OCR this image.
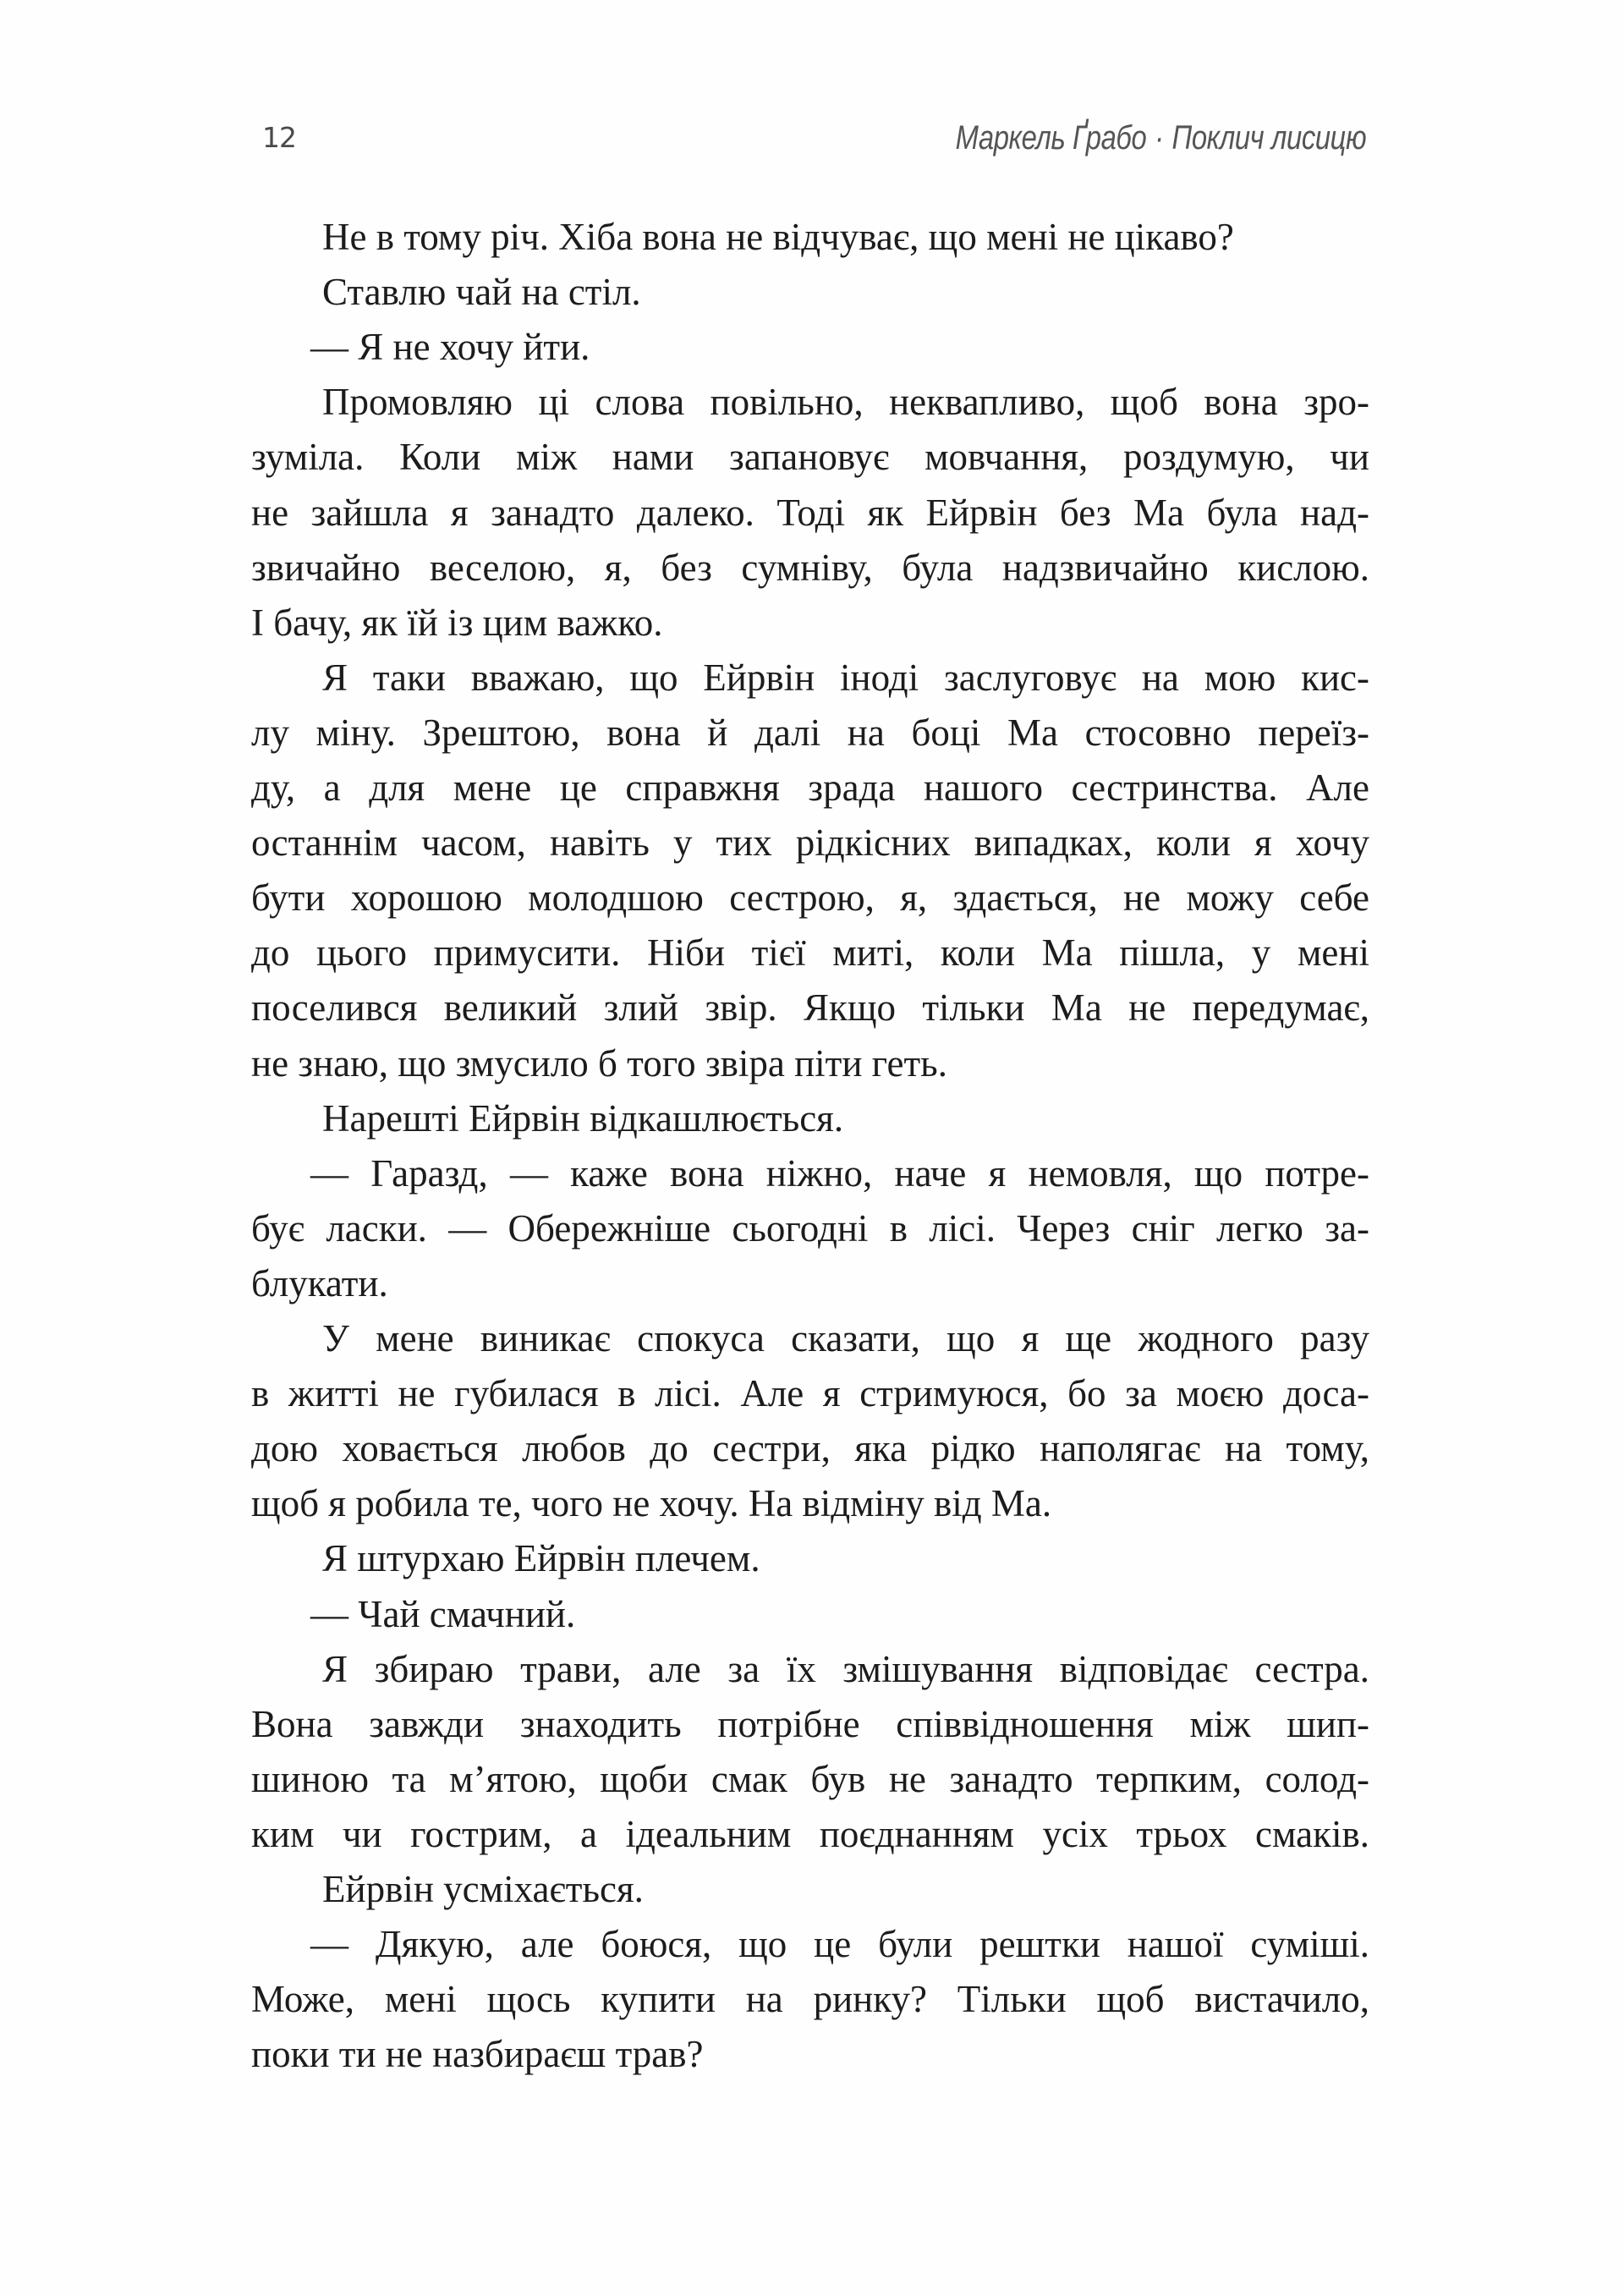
12	Маркель Ґрабо · Поклич лисицю
Не в тому річ. Хіба вона не відчуває, що мені не цікаво?
Ставлю чай на стіл.
— Я не хочу йти.
Промовляю ці слова повільно, неквапливо, щоб вона зро-
зуміла. Коли між нами запановує мовчання, роздумую, чи
не зайшла я занадто далеко. Тоді як Ейрвін без Ма була над-
звичайно веселою, я, без сумніву, була надзвичайно кислою.
І бачу, як їй із цим важко.
Я таки вважаю, що Ейрвін іноді заслуговує на мою кис-
лу міну. Зрештою, вона й далі на боці Ма стосовно переїз-
ду, а для мене це справжня зрада нашого сестринства. Але
останнім часом, навіть у тих рідкісних випадках, коли я хочу
бути хорошою молодшою сестрою, я, здається, не можу себе
до цього примусити. Ніби тієї миті, коли Ма пішла, у мені
поселився великий злий звір. Якщо тільки Ма не передумає,
не знаю, що змусило б того звіра піти геть.
Нарешті Ейрвін відкашлюється.
— Гаразд, — каже вона ніжно, наче я немовля, що потре-
бує ласки. — Обережніше сьогодні в лісі. Через сніг легко за-
блукати.
У мене виникає спокуса сказати, що я ще жодного разу
в житті не губилася в лісі. Але я стримуюся, бо за моєю доса-
дою ховається любов до сестри, яка рідко наполягає на тому,
щоб я робила те, чого не хочу. На відміну від Ма.
Я штурхаю Ейрвін плечем.
— Чай смачний.
Я збираю трави, але за їх змішування відповідає сестра.
Вона завжди знаходить потрібне співвідношення між шип-
шиною та м’ятою, щоби смак був не занадто терпким, солод-
ким чи гострим, а ідеальним поєднанням усіх трьох смаків.
Ейрвін усміхається.
— Дякую, але боюся, що це були рештки нашої суміші.
Може, мені щось купити на ринку? Тільки щоб вистачило,
поки ти не назбираєш трав?
